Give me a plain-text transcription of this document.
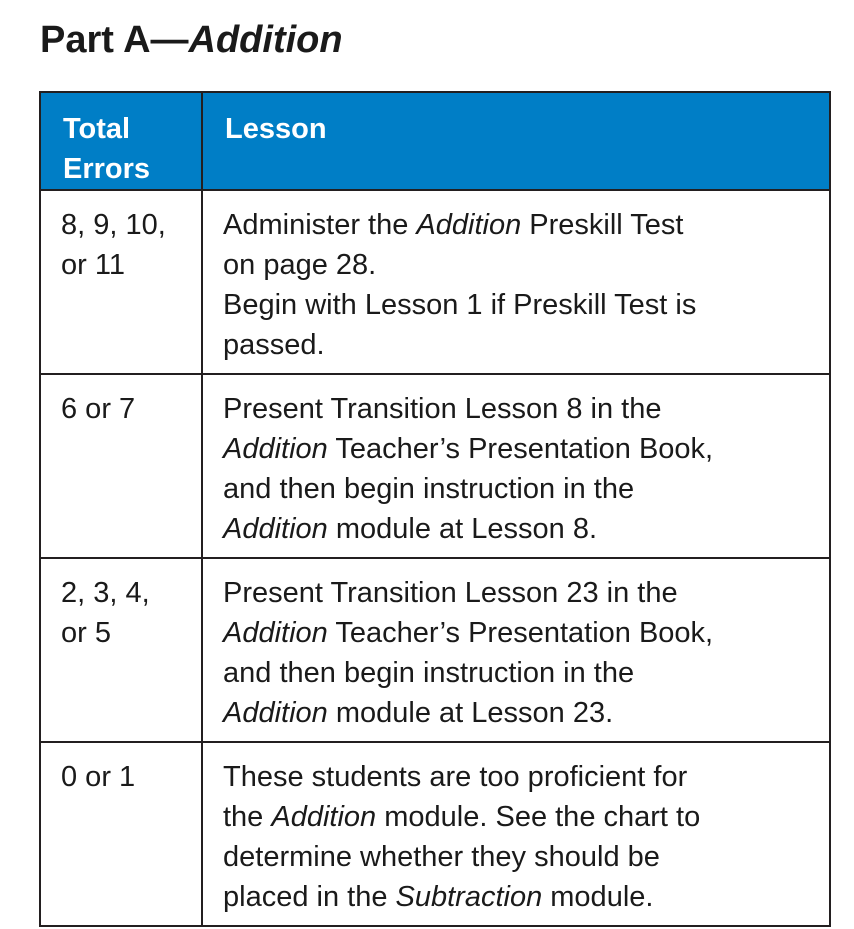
Part A—Addition
Total
Errors	Lesson

8, 9, 10,
or 11	Administer the Addition Preskill Test
on page 28.
Begin with Lesson 1 if Preskill Test is
passed.

6 or 7	Present Transition Lesson 8 in the
Addition Teacher’s Presentation Book,
and then begin instruction in the
Addition module at Lesson 8.

2, 3, 4,
or 5	Present Transition Lesson 23 in the
Addition Teacher’s Presentation Book,
and then begin instruction in the
Addition module at Lesson 23.

0 or 1	These students are too proficient for
the Addition module. See the chart to
determine whether they should be
placed in the Subtraction module.
